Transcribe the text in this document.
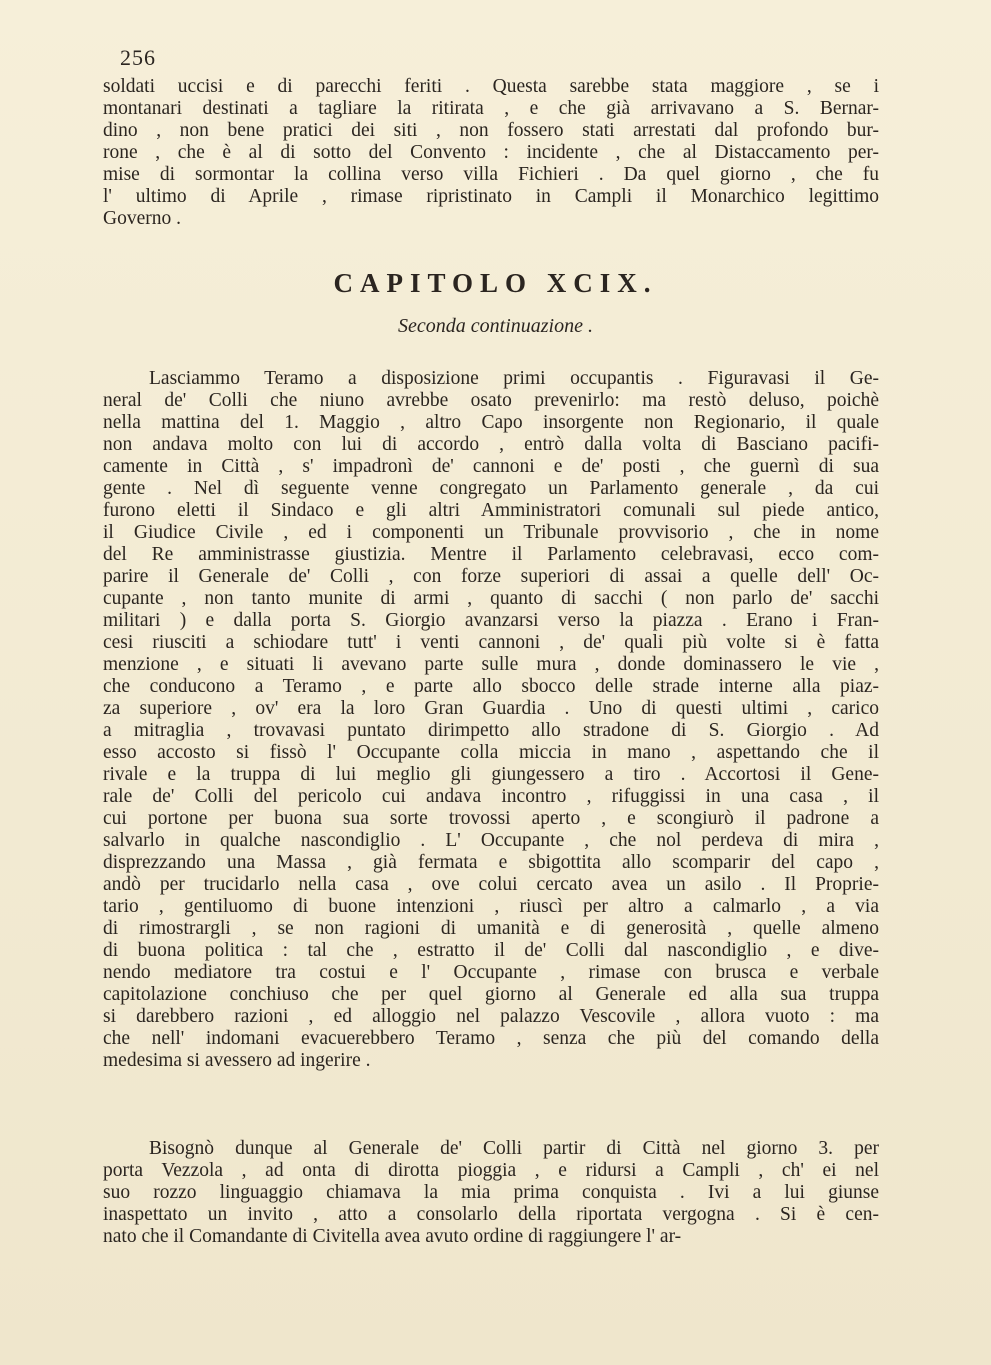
256
soldati uccisi e di parecchi feriti . Questa sarebbe stata maggiore , se i
montanari destinati a tagliare la ritirata , e che già arrivavano a S. Bernar-
dino , non bene pratici dei siti , non fossero stati arrestati dal profondo bur-
rone , che è al di sotto del Convento : incidente , che al Distaccamento per-
mise di sormontar la collina verso villa Fichieri . Da quel giorno , che fu
l' ultimo di Aprile , rimase ripristinato in Campli il Monarchico legittimo
Governo .
CAPITOLO XCIX.
Seconda continuazione .
Lasciammo Teramo a disposizione primi occupantis . Figuravasi il Ge-
neral de' Colli che niuno avrebbe osato prevenirlo: ma restò deluso, poichè
nella mattina del 1. Maggio , altro Capo insorgente non Regionario, il quale
non andava molto con lui di accordo , entrò dalla volta di Basciano pacifi-
camente in Città , s' impadronì de' cannoni e de' posti , che guernì di sua
gente . Nel dì seguente venne congregato un Parlamento generale , da cui
furono eletti il Sindaco e gli altri Amministratori comunali sul piede antico,
il Giudice Civile , ed i componenti un Tribunale provvisorio , che in nome
del Re amministrasse giustizia. Mentre il Parlamento celebravasi, ecco com-
parire il Generale de' Colli , con forze superiori di assai a quelle dell' Oc-
cupante , non tanto munite di armi , quanto di sacchi ( non parlo de' sacchi
militari ) e dalla porta S. Giorgio avanzarsi verso la piazza . Erano i Fran-
cesi riusciti a schiodare tutt' i venti cannoni , de' quali più volte si è fatta
menzione , e situati li avevano parte sulle mura , donde dominassero le vie ,
che conducono a Teramo , e parte allo sbocco delle strade interne alla piaz-
za superiore , ov' era la loro Gran Guardia . Uno di questi ultimi , carico
a mitraglia , trovavasi puntato dirimpetto allo stradone di S. Giorgio . Ad
esso accosto si fissò l' Occupante colla miccia in mano , aspettando che il
rivale e la truppa di lui meglio gli giungessero a tiro . Accortosi il Gene-
rale de' Colli del pericolo cui andava incontro , rifuggissi in una casa , il
cui portone per buona sua sorte trovossi aperto , e scongiurò il padrone a
salvarlo in qualche nascondiglio . L' Occupante , che nol perdeva di mira ,
disprezzando una Massa , già fermata e sbigottita allo scomparir del capo ,
andò per trucidarlo nella casa , ove colui cercato avea un asilo . Il Proprie-
tario , gentiluomo di buone intenzioni , riuscì per altro a calmarlo , a via
di rimostrargli , se non ragioni di umanità e di generosità , quelle almeno
di buona politica : tal che , estratto il de' Colli dal nascondiglio , e dive-
nendo mediatore tra costui e l' Occupante , rimase con brusca e verbale
capitolazione conchiuso che per quel giorno al Generale ed alla sua truppa
si darebbero razioni , ed alloggio nel palazzo Vescovile , allora vuoto : ma
che nell' indomani evacuerebbero Teramo , senza che più del comando della
medesima si avessero ad ingerire .
Bisognò dunque al Generale de' Colli partir di Città nel giorno 3. per
porta Vezzola , ad onta di dirotta pioggia , e ridursi a Campli , ch' ei nel
suo rozzo linguaggio chiamava la mia prima conquista . Ivi a lui giunse
inaspettato un invito , atto a consolarlo della riportata vergogna . Si è cen-
nato che il Comandante di Civitella avea avuto ordine di raggiungere l' ar-
